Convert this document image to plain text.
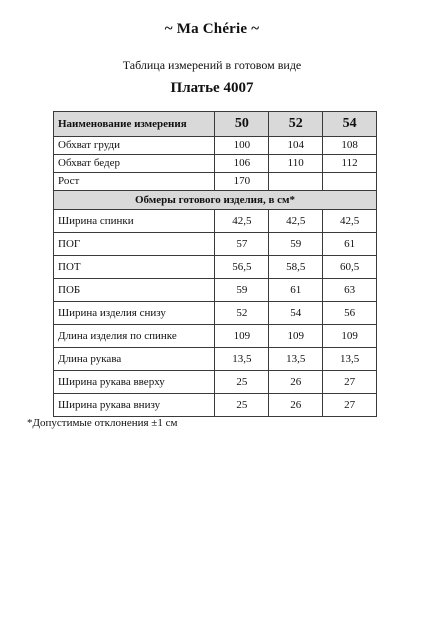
~ Ma Chérie ~
Таблица измерений в готовом виде
Платье 4007
Наименование измерения	50	52	54
Обхват груди	100	104	108
Обхват бедер	106	110	112
Рост	170		
Обмеры готового изделия, в см*			
Ширина спинки	42,5	42,5	42,5
ПОГ	57	59	61
ПОТ	56,5	58,5	60,5
ПОБ	59	61	63
Ширина изделия снизу	52	54	56
Длина изделия по спинке	109	109	109
Длина рукава	13,5	13,5	13,5
Ширина рукава вверху	25	26	27
Ширина рукава внизу	25	26	27
*Допустимые отклонения ±1 см
